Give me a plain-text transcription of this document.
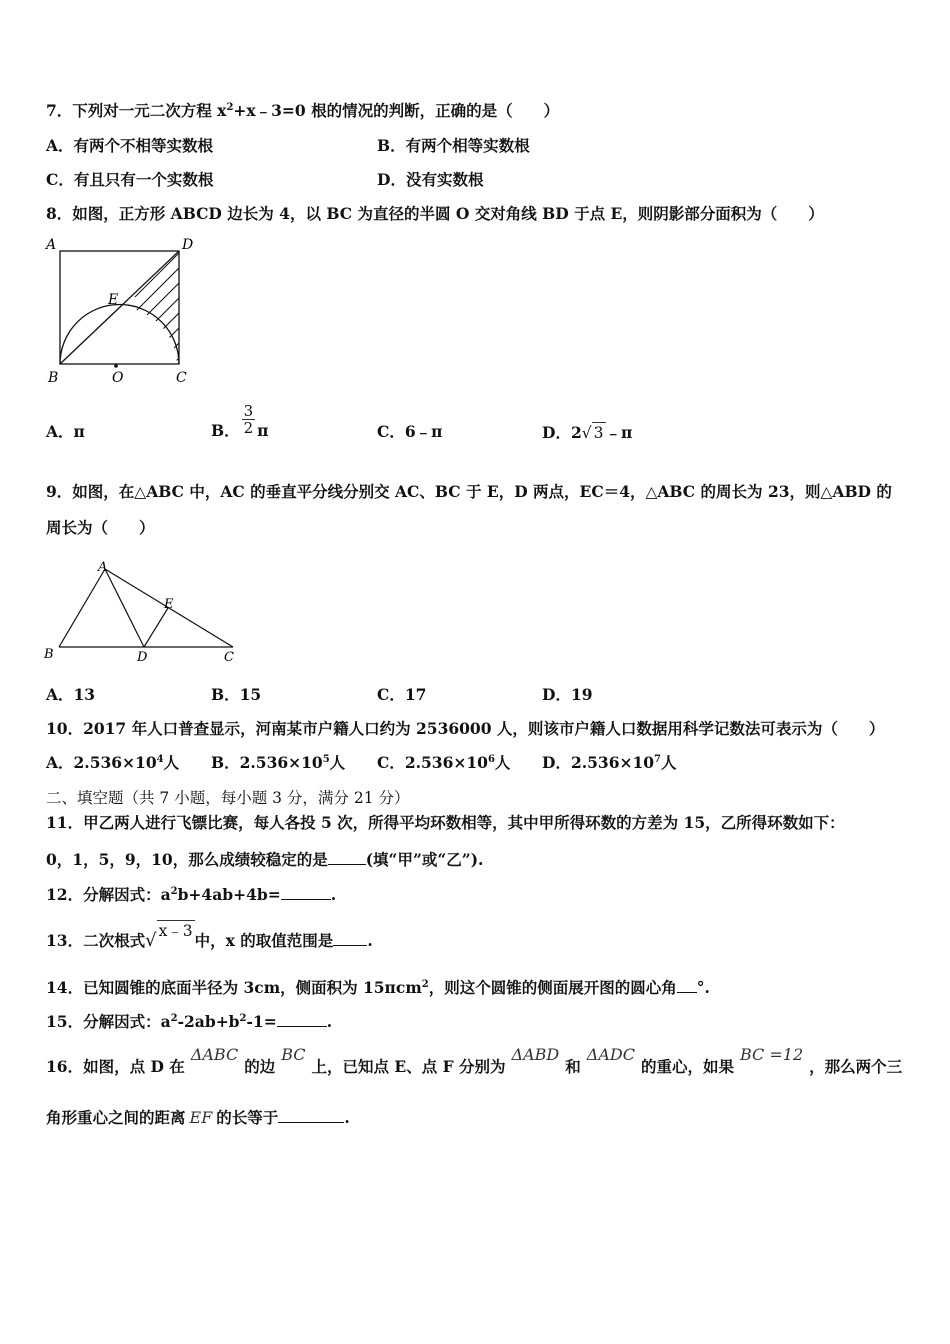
7．下列对一元二次方程 $x^2+x﹣3=0$ 根的情况的判断，正确的是（　　）
A．有两个不相等实数根	B．有两个相等实数根
C．有且只有一个实数根	D．没有实数根
8．如图，正方形 ABCD 边长为 4，以 BC 为直径的半圆 O 交对角线 BD 于点 E，则阴影部分面积为（　　）
A	D
E
B	O	C
A．π	B． $\frac{3}{2}$ π	C．6﹣π	D．2√ 3 ﹣π
9．如图，在△ABC 中，AC 的垂直平分线分别交 AC、BC 于 E，D 两点，EC＝4，△ABC 的周长为 23，则△ABD 的
周长为（　　）
A
E
B	D	C
A．13	B．15	C．17	D．19
10．2017 年人口普查显示，河南某市户籍人口约为 2536000 人，则该市户籍人口数据用科学记数法可表示为（　　）
A．$2.536\times 10^4$人 B．$2.536\times 10^5$人 C．$2.536\times 10^6$人 D．$2.536\times 10^7$人
二、填空题（共 7 小题，每小题 3 分，满分 21 分）
11．甲乙两人进行飞镖比赛，每人各投 5 次，所得平均环数相等，其中甲所得环数的方差为 15，乙所得环数如下：
0，1，5，9，10，那么成绩较稳定的是 (填“甲”或“乙”).
12．分解因式：$a^2b+4ab+4b=$	.
13．二次根式√ x﹣3 中，x 的取值范围是 .
14．已知圆锥的底面半径为 3cm，侧面积为 15πcm$^2$，则这个圆锥的侧面展开图的圆心角 °.
15．分解因式：$a^2-2ab+b^2-1=$	.
16．如图，点 D 在ΔABC的边BC上，已知点 E、点 F 分别为ΔABD和ΔADC的重心，如果BC =12，那么两个三
角形重心之间的距离 EF 的长等于	.
